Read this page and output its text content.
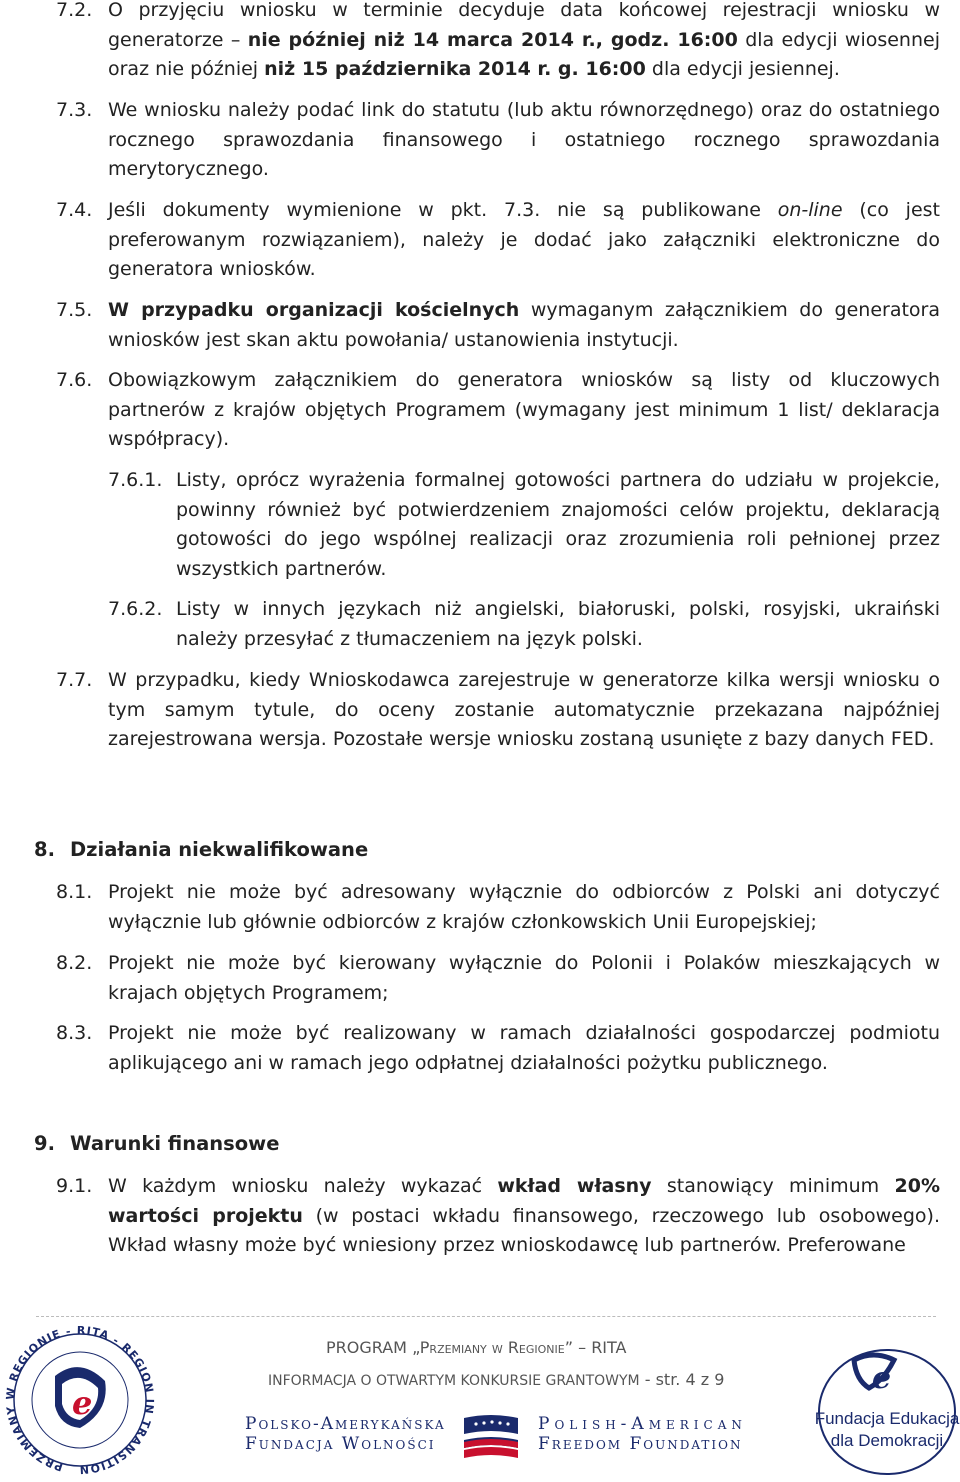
7.2. O przyjęciu wniosku w terminie decyduje data końcowej rejestracji wniosku w generatorze – nie później niż 14 marca 2014 r., godz. 16:00 dla edycji wiosennej oraz nie później niż 15 października 2014 r. g. 16:00 dla edycji jesiennej.
7.3. We wniosku należy podać link do statutu (lub aktu równorzędnego) oraz do ostatniego rocznego sprawozdania finansowego i ostatniego rocznego sprawozdania merytorycznego.
7.4. Jeśli dokumenty wymienione w pkt. 7.3. nie są publikowane on-line (co jest preferowanym rozwiązaniem), należy je dodać jako załączniki elektroniczne do generatora wniosków.
7.5. W przypadku organizacji kościelnych wymaganym załącznikiem do generatora wniosków jest skan aktu powołania/ ustanowienia instytucji.
7.6. Obowiązkowym załącznikiem do generatora wniosków są listy od kluczowych partnerów z krajów objętych Programem (wymagany jest minimum 1 list/ deklaracja współpracy).
7.6.1. Listy, oprócz wyrażenia formalnej gotowości partnera do udziału w projekcie, powinny również być potwierdzeniem znajomości celów projektu, deklaracją gotowości do jego wspólnej realizacji oraz zrozumienia roli pełnionej przez wszystkich partnerów.
7.6.2. Listy w innych językach niż angielski, białoruski, polski, rosyjski, ukraiński należy przesyłać z tłumaczeniem na język polski.
7.7. W przypadku, kiedy Wnioskodawca zarejestruje w generatorze kilka wersji wniosku o tym samym tytule, do oceny zostanie automatycznie przekazana najpóźniej zarejestrowana wersja. Pozostałe wersje wniosku zostaną usunięte z bazy danych FED.
8. Działania niekwalifikowane
8.1. Projekt nie może być adresowany wyłącznie do odbiorców z Polski ani dotyczyć wyłącznie lub głównie odbiorców z krajów członkowskich Unii Europejskiej;
8.2. Projekt nie może być kierowany wyłącznie do Polonii i Polaków mieszkających w krajach objętych Programem;
8.3. Projekt nie może być realizowany w ramach działalności gospodarczej podmiotu aplikującego ani w ramach jego odpłatnej działalności pożytku publicznego.
9. Warunki finansowe
9.1. W każdym wniosku należy wykazać wkład własny stanowiący minimum 20% wartości projektu (w postaci wkładu finansowego, rzeczowego lub osobowego). Wkład własny może być wniesiony przez wnioskodawcę lub partnerów. Preferowane
PRZEMIANY W REGIONIE - RITA - REGION IN TRANSITION
e
PROGRAM „Przemiany w Regionie” – RITA
INFORMACJA O OTWARTYM KONKURSIE GRANTOWYM - str. 4 z 9
Polsko-Amerykańska
Fundacja Wolności
Polish-American
Freedom Foundation
e
Fundacja Edukacja
dla Demokracji
